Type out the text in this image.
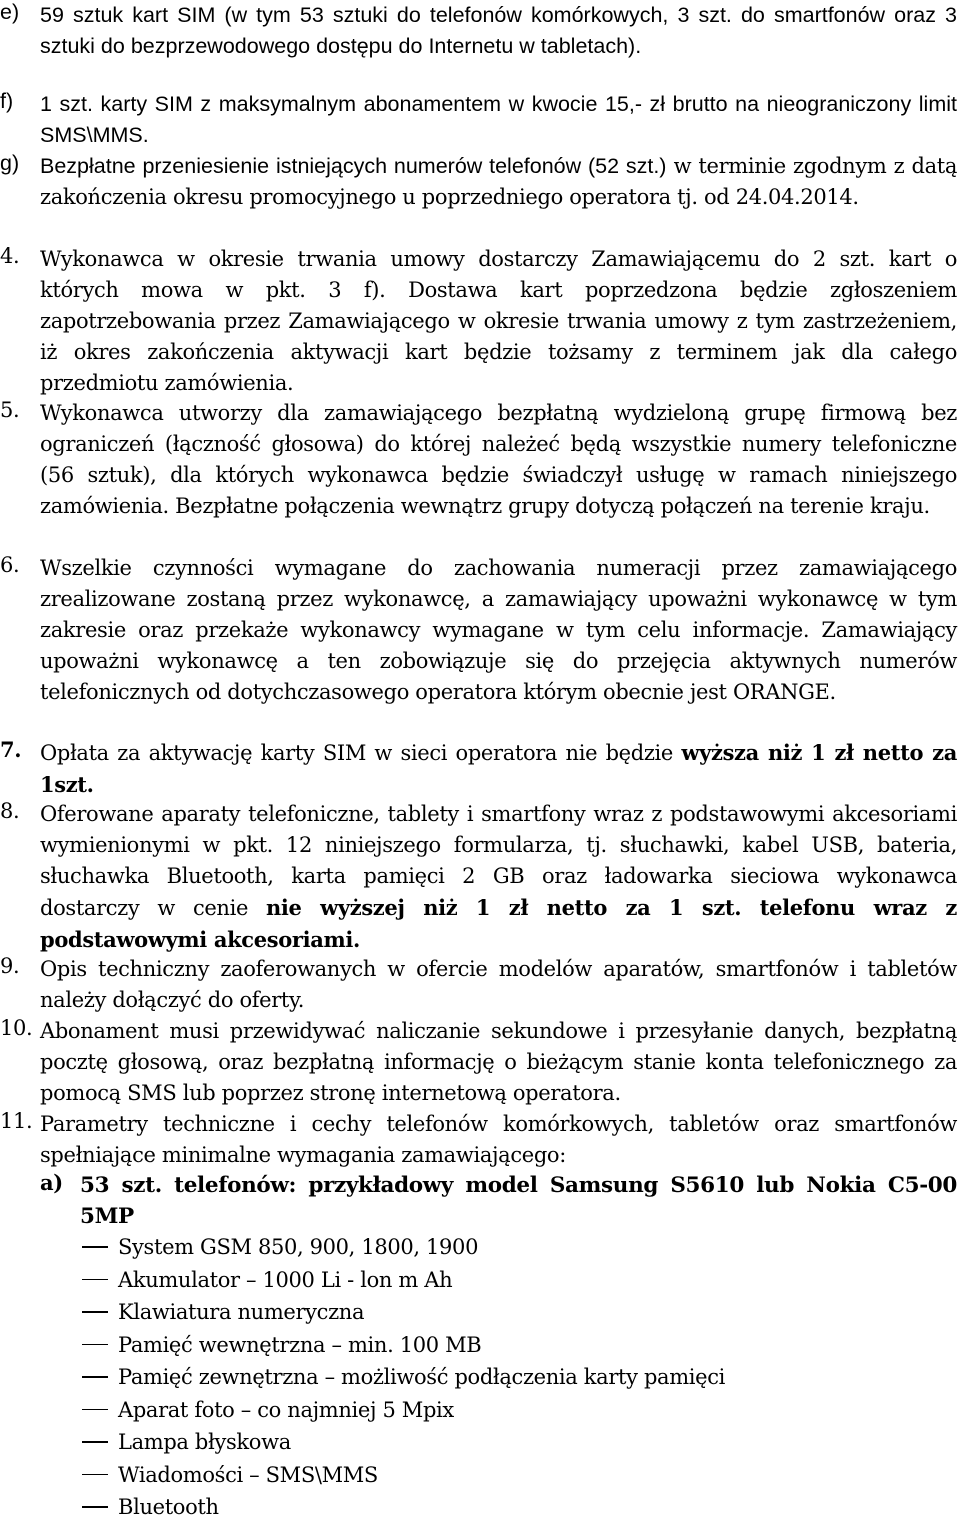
e) 59 sztuk kart SIM (w tym 53 sztuki do telefonów komórkowych, 3 szt. do smartfonów oraz 3 sztuki do bezprzewodowego dostępu do Internetu w tabletach).
f) 1 szt. karty SIM z maksymalnym abonamentem w kwocie 15,- zł brutto na nieograniczony limit SMS\MMS.
g) Bezpłatne przeniesienie istniejących numerów telefonów (52 szt.) w terminie zgodnym z datą zakończenia okresu promocyjnego u poprzedniego operatora tj. od 24.04.2014.
4. Wykonawca w okresie trwania umowy dostarczy Zamawiającemu do 2 szt. kart o których mowa w pkt. 3 f). Dostawa kart poprzedzona będzie zgłoszeniem zapotrzebowania przez Zamawiającego w okresie trwania umowy z tym zastrzeżeniem, iż okres zakończenia aktywacji kart będzie tożsamy z terminem jak dla całego przedmiotu zamówienia.
5. Wykonawca utworzy dla zamawiającego bezpłatną wydzieloną grupę firmową bez ograniczeń (łączność głosowa) do której należeć będą wszystkie numery telefoniczne (56 sztuk), dla których wykonawca będzie świadczył usługę w ramach niniejszego zamówienia. Bezpłatne połączenia wewnątrz grupy dotyczą połączeń na terenie kraju.
6. Wszelkie czynności wymagane do zachowania numeracji przez zamawiającego zrealizowane zostaną przez wykonawcę, a zamawiający upoważni wykonawcę w tym zakresie oraz przekaże wykonawcy wymagane w tym celu informacje. Zamawiający upoważni wykonawcę a ten zobowiązuje się do przejęcia aktywnych numerów telefonicznych od dotychczasowego operatora którym obecnie jest ORANGE.
7. Opłata za aktywację karty SIM w sieci operatora nie będzie wyższa niż 1 zł netto za 1szt.
8. Oferowane aparaty telefoniczne, tablety i smartfony wraz z podstawowymi akcesoriami wymienionymi w pkt. 12 niniejszego formularza, tj. słuchawki, kabel USB, bateria, słuchawka Bluetooth, karta pamięci 2 GB oraz ładowarka sieciowa wykonawca dostarczy w cenie nie wyższej niż 1 zł netto za 1 szt. telefonu wraz z podstawowymi akcesoriami.
9. Opis techniczny zaoferowanych w ofercie modelów aparatów, smartfonów i tabletów należy dołączyć do oferty.
10. Abonament musi przewidywać naliczanie sekundowe i przesyłanie danych, bezpłatną pocztę głosową, oraz bezpłatną informację o bieżącym stanie konta telefonicznego za pomocą SMS lub poprzez stronę internetową operatora.
11. Parametry techniczne i cechy telefonów komórkowych, tabletów oraz smartfonów spełniające minimalne wymagania zamawiającego:
a) 53 szt. telefonów: przykładowy model Samsung S5610 lub Nokia C5-00 5MP
System GSM 850, 900, 1800, 1900
Akumulator – 1000 Li - lon m Ah
Klawiatura numeryczna
Pamięć wewnętrzna – min. 100 MB
Pamięć zewnętrzna – możliwość podłączenia karty pamięci
Aparat foto – co najmniej 5 Mpix
Lampa błyskowa
Wiadomości – SMS\MMS
Bluetooth
